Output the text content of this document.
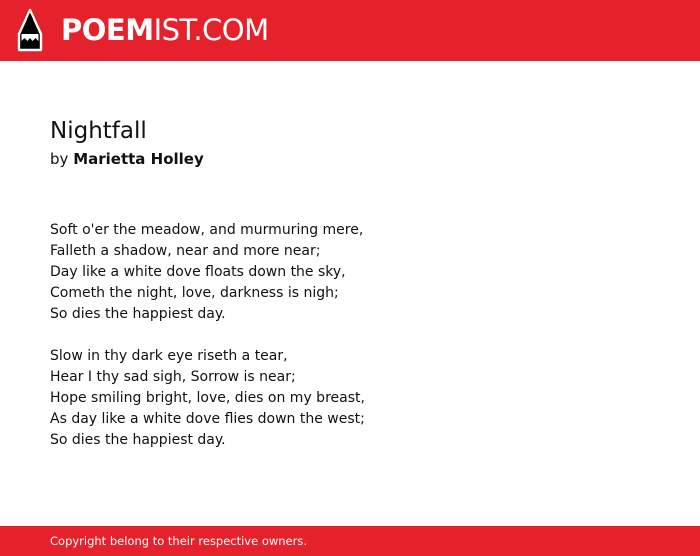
POEMIST.COM
Nightfall
by Marietta Holley

Soft o'er the meadow, and murmuring mere,
Falleth a shadow, near and more near;
Day like a white dove floats down the sky,
Cometh the night, love, darkness is nigh;
So dies the happiest day.

Slow in thy dark eye riseth a tear,
Hear I thy sad sigh, Sorrow is near;
Hope smiling bright, love, dies on my breast,
As day like a white dove flies down the west;
So dies the happiest day.

Copyright belong to their respective owners.
